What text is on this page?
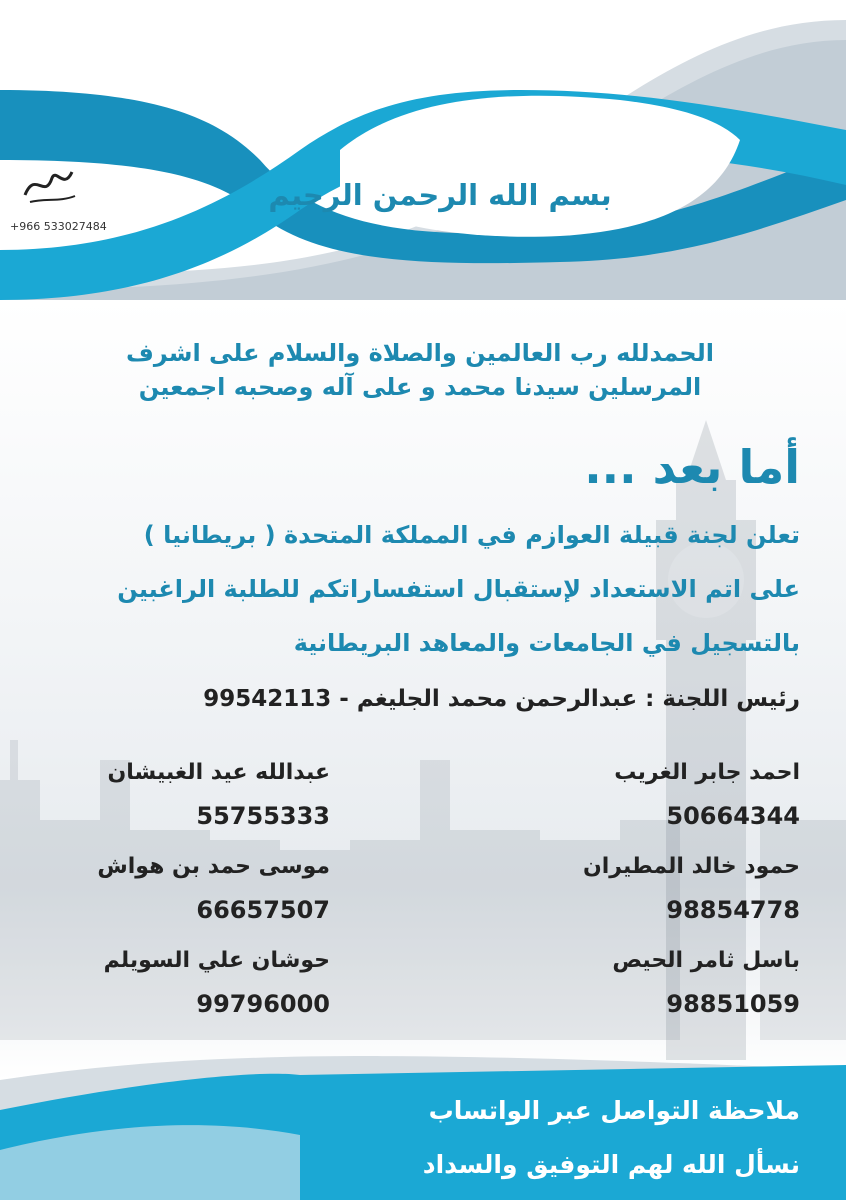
بسم الله الرحمن الرحيم
+966 533027484
الحمدلله رب العالمين والصلاة والسلام على اشرف
المرسلين سيدنا محمد و على آله وصحبه اجمعين
أما بعد ...
تعلن لجنة قبيلة العوازم في المملكة المتحدة ( بريطانيا )
على اتم الاستعداد لإستقبال استفساراتكم للطلبة الراغبين
بالتسجيل في الجامعات والمعاهد البريطانية
رئيس اللجنة : عبدالرحمن محمد الجليغم - 99542113
احمد جابر الغريب
50664344
عبدالله عيد الغبيشان
55755333
حمود خالد المطيران
98854778
موسى حمد بن هواش
66657507
باسل ثامر الحيص
98851059
حوشان علي السويلم
99796000
ملاحظة التواصل عبر الواتساب
نسأل الله لهم التوفيق والسداد
